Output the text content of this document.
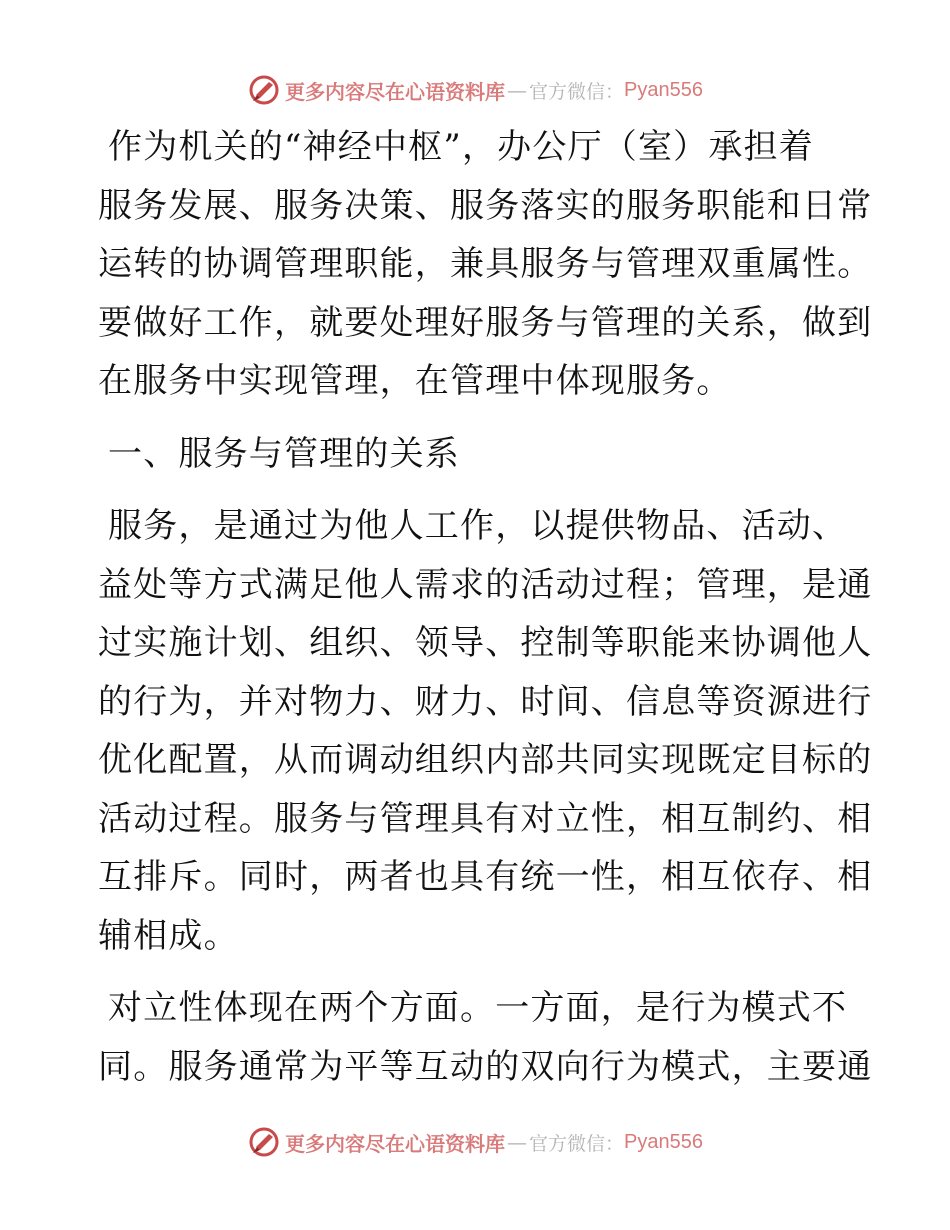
更多内容尽在心语资料库 — 官方微信： Pyan556

作为机关的“神经中枢”，办公厅（室）承担着
服务发展、服务决策、服务落实的服务职能和日常
运转的协调管理职能，兼具服务与管理双重属性。
要做好工作，就要处理好服务与管理的关系，做到
在服务中实现管理，在管理中体现服务。

一、服务与管理的关系

服务，是通过为他人工作，以提供物品、活动、
益处等方式满足他人需求的活动过程；管理，是通
过实施计划、组织、领导、控制等职能来协调他人
的行为，并对物力、财力、时间、信息等资源进行
优化配置，从而调动组织内部共同实现既定目标的
活动过程。服务与管理具有对立性，相互制约、相
互排斥。同时，两者也具有统一性，相互依存、相
辅相成。

对立性体现在两个方面。一方面，是行为模式不
同。服务通常为平等互动的双向行为模式，主要通

更多内容尽在心语资料库 — 官方微信： Pyan556
